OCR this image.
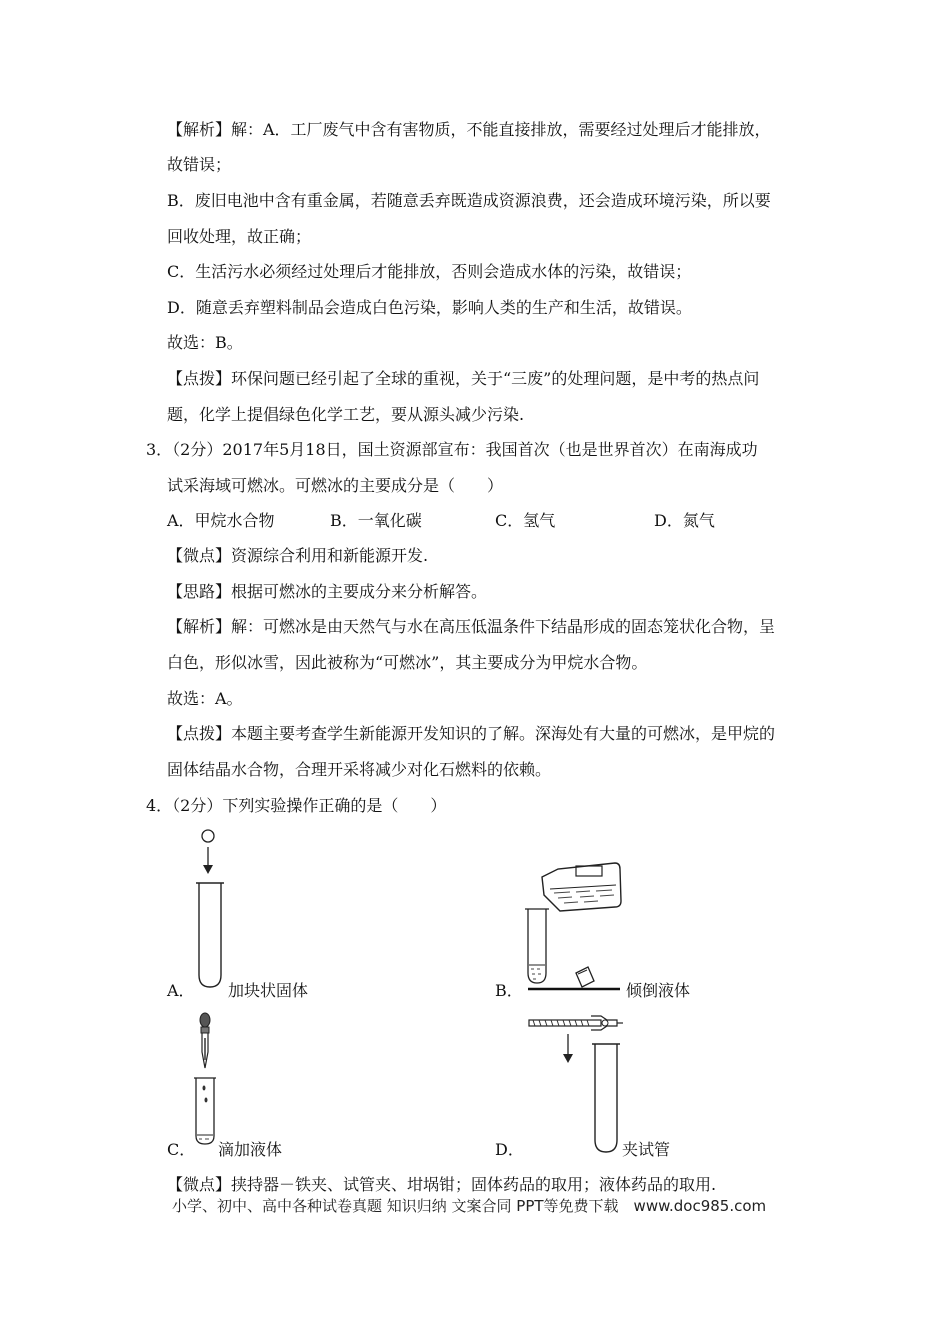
【解析】解：A．工厂废气中含有害物质，不能直接排放，需要经过处理后才能排放，
故错误；
B．废旧电池中含有重金属，若随意丢弃既造成资源浪费，还会造成环境污染，所以要
回收处理，故正确；
C．生活污水必须经过处理后才能排放，否则会造成水体的污染，故错误；
D．随意丢弃塑料制品会造成白色污染，影响人类的生产和生活，故错误。
故选：B。
【点拨】环保问题已经引起了全球的重视，关于“三废”的处理问题，是中考的热点问
题，化学上提倡绿色化学工艺，要从源头减少污染.
3．（2分）2017年5月18日，国土资源部宣布：我国首次（也是世界首次）在南海成功
试采海域可燃冰。可燃冰的主要成分是（　　）
A．甲烷水合物	B．一氧化碳	C．氢气	D．氮气
【微点】资源综合利用和新能源开发.
【思路】根据可燃冰的主要成分来分析解答。
【解析】解：可燃冰是由天然气与水在高压低温条件下结晶形成的固态笼状化合物，呈
白色，形似冰雪，因此被称为“可燃冰”，其主要成分为甲烷水合物。
故选：A。
【点拨】本题主要考查学生新能源开发知识的了解。深海处有大量的可燃冰，是甲烷的
固体结晶水合物，合理开采将减少对化石燃料的依赖。
4．（2分）下列实验操作正确的是（　　）
A． 加块状固体	B．	倾倒液体
C． 滴加液体	D．	夹试管
【微点】挟持器－铁夹、试管夹、坩埚钳；固体药品的取用；液体药品的取用.
小学、初中、高中各种试卷真题 知识归纳 文案合同 PPT等免费下载　www.doc985.com
